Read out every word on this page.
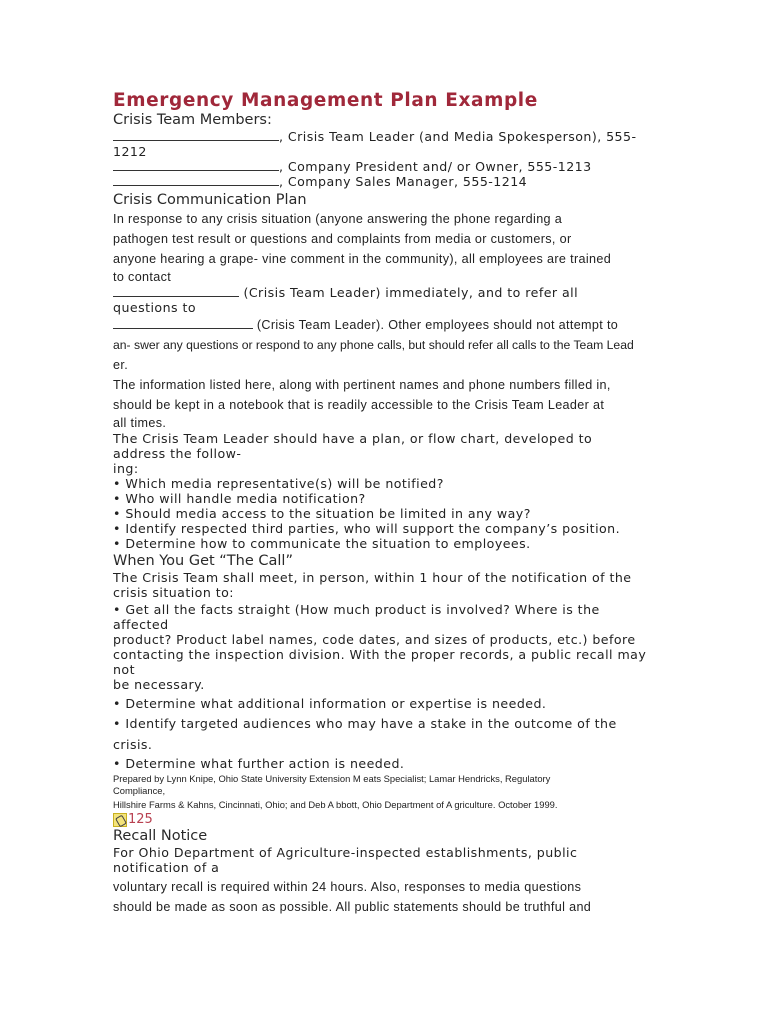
Emergency Management Plan Example
Crisis Team Members:
, Crisis Team Leader (and Media Spokesperson), 555-
1212
, Company President and/ or Owner, 555-1213
, Company Sales Manager, 555-1214
Crisis Communication Plan
In response to any crisis situation (anyone answering the phone regarding a
pathogen test result or questions and complaints from media or customers, or
anyone hearing a grape- vine comment in the community), all employees are trained
to contact
(Crisis Team Leader) immediately, and to refer all
questions to
(Crisis Team Leader). Other employees should not attempt to
an- swer any questions or respond to any phone calls, but should refer all calls to the Team Lead
er.
The information listed here, along with pertinent names and phone numbers filled in,
should be kept in a notebook that is readily accessible to the Crisis Team Leader at
all times.
The Crisis Team Leader should have a plan, or flow chart, developed to
address the follow-
ing:
• Which media representative(s) will be notified?
• Who will handle media notification?
• Should media access to the situation be limited in any way?
• Identify respected third parties, who will support the company’s position.
• Determine how to communicate the situation to employees.
When You Get “The Call”
The Crisis Team shall meet, in person, within 1 hour of the notification of the
crisis situation to:
• Get all the facts straight (How much product is involved? Where is the
affected
product? Product label names, code dates, and sizes of products, etc.) before
contacting the inspection division. With the proper records, a public recall may
not
be necessary.
• Determine what additional information or expertise is needed.
• Identify targeted audiences who may have a stake in the outcome of the
crisis.
• Determine what further action is needed.
Prepared by Lynn Knipe, Ohio State University Extension M eats Specialist; Lamar Hendricks, Regulatory
Compliance,
Hillshire Farms & Kahns, Cincinnati, Ohio; and Deb A bbott, Ohio Department of A griculture. October 1999.
125
Recall Notice
For Ohio Department of Agriculture-inspected establishments, public
notification of a
voluntary recall is required within 24 hours. Also, responses to media questions
should be made as soon as possible. All public statements should be truthful and
